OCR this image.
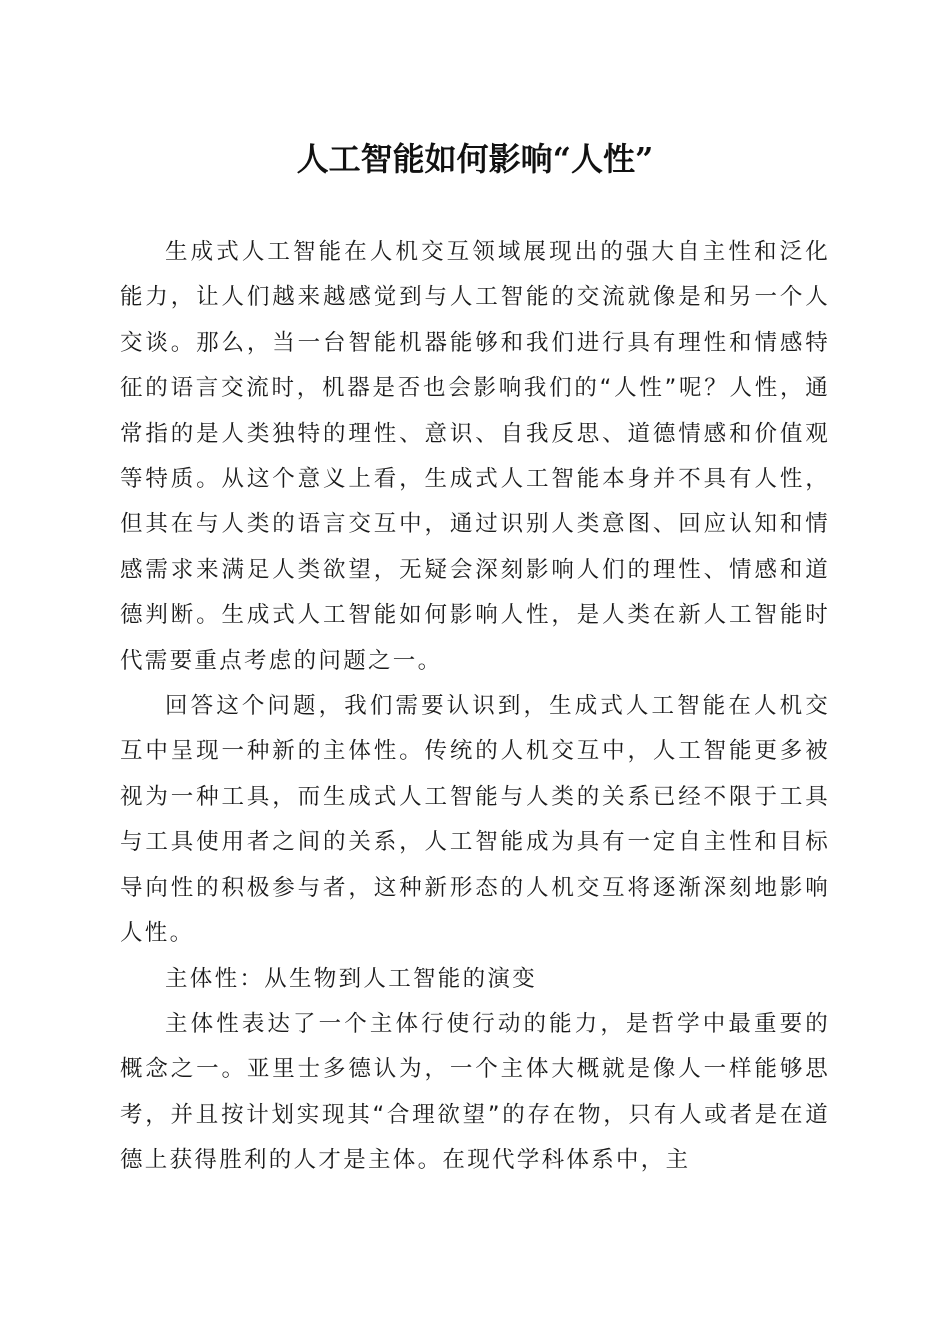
人工智能如何影响“人性”

生成式人工智能在人机交互领域展现出的强大自主性和泛化能力，让人们越来越感觉到与人工智能的交流就像是和另一个人交谈。那么，当一台智能机器能够和我们进行具有理性和情感特征的语言交流时，机器是否也会影响我们的“人性”呢？人性，通常指的是人类独特的理性、意识、自我反思、道德情感和价值观等特质。从这个意义上看，生成式人工智能本身并不具有人性，但其在与人类的语言交互中，通过识别人类意图、回应认知和情感需求来满足人类欲望，无疑会深刻影响人们的理性、情感和道德判断。生成式人工智能如何影响人性，是人类在新人工智能时代需要重点考虑的问题之一。

回答这个问题，我们需要认识到，生成式人工智能在人机交互中呈现一种新的主体性。传统的人机交互中，人工智能更多被视为一种工具，而生成式人工智能与人类的关系已经不限于工具与工具使用者之间的关系，人工智能成为具有一定自主性和目标导向性的积极参与者，这种新形态的人机交互将逐渐深刻地影响人性。

主体性：从生物到人工智能的演变

主体性表达了一个主体行使行动的能力，是哲学中最重要的概念之一。亚里士多德认为，一个主体大概就是像人一样能够思考，并且按计划实现其“合理欲望”的存在物，只有人或者是在道德上获得胜利的人才是主体。在现代学科体系中，主
